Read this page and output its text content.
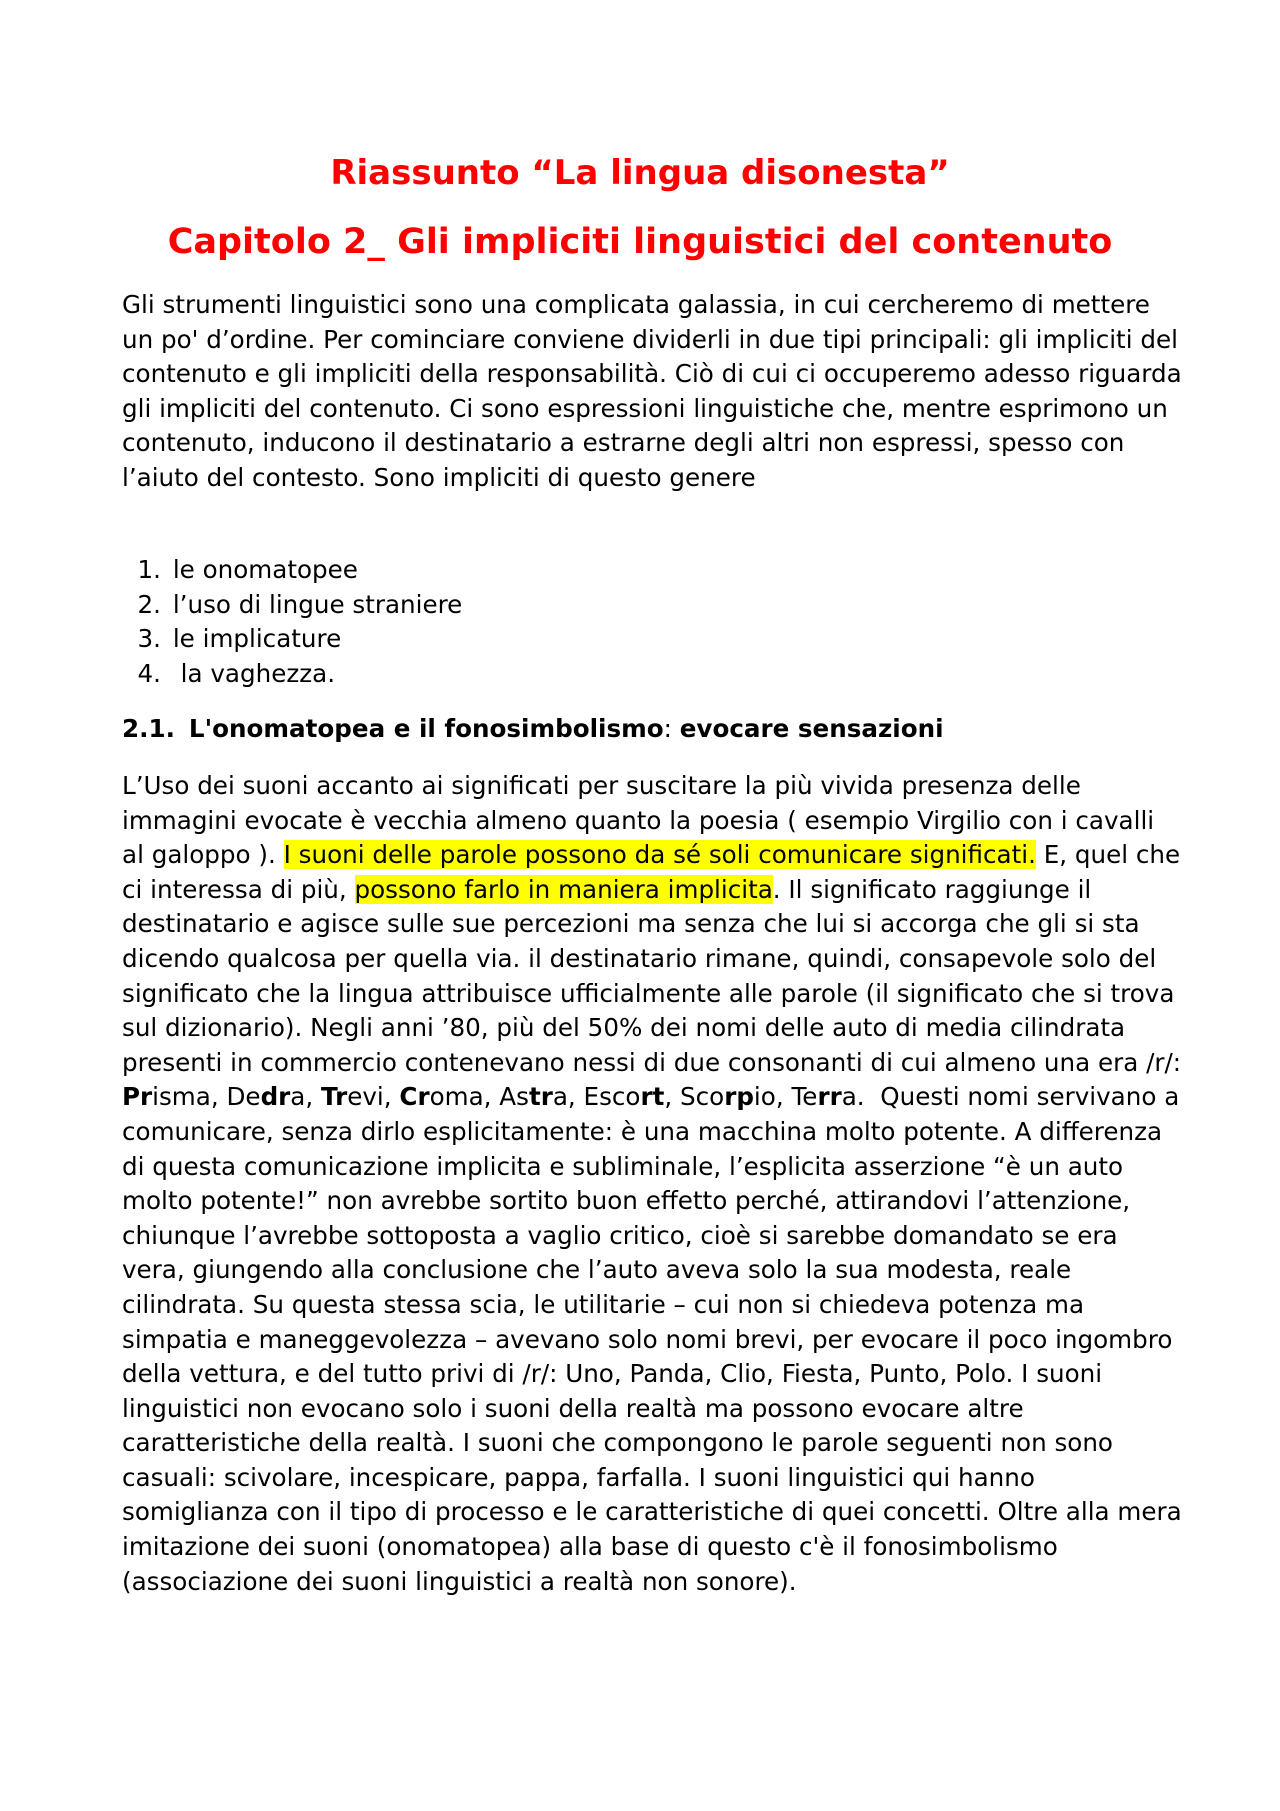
Riassunto “La lingua disonesta”
Capitolo 2_ Gli impliciti linguistici del contenuto

Gli strumenti linguistici sono una complicata galassia, in cui cercheremo di mettere un po' d’ordine. Per cominciare conviene dividerli in due tipi principali: gli impliciti del contenuto e gli impliciti della responsabilità. Ciò di cui ci occuperemo adesso riguarda gli impliciti del contenuto. Ci sono espressioni linguistiche che, mentre esprimono un contenuto, inducono il destinatario a estrarne degli altri non espressi, spesso con l’aiuto del contesto. Sono impliciti di questo genere

1. le onomatopee
2. l’uso di lingue straniere
3. le implicature
4.  la vaghezza.
2.1. L'onomatopea e il fonosimbolismo: evocare sensazioni

L’Uso dei suoni accanto ai significati per suscitare la più vivida presenza delle immagini evocate è vecchia almeno quanto la poesia ( esempio Virgilio con i cavalli al galoppo ). I suoni delle parole possono da sé soli comunicare significati. E, quel che ci interessa di più, possono farlo in maniera implicita. Il significato raggiunge il destinatario e agisce sulle sue percezioni ma senza che lui si accorga che gli si sta dicendo qualcosa per quella via. il destinatario rimane, quindi, consapevole solo del significato che la lingua attribuisce ufficialmente alle parole (il significato che si trova sul dizionario). Negli anni ’80, più del 50% dei nomi delle auto di media cilindrata presenti in commercio contenevano nessi di due consonanti di cui almeno una era /r/: Prisma, Dedra, Trevi, Croma, Astra, Escort, Scorpio, Terra.  Questi nomi servivano a comunicare, senza dirlo esplicitamente: è una macchina molto potente. A differenza di questa comunicazione implicita e subliminale, l’esplicita asserzione “è un auto molto potente!” non avrebbe sortito buon effetto perché, attirandovi l’attenzione, chiunque l’avrebbe sottoposta a vaglio critico, cioè si sarebbe domandato se era vera, giungendo alla conclusione che l’auto aveva solo la sua modesta, reale cilindrata. Su questa stessa scia, le utilitarie – cui non si chiedeva potenza ma simpatia e maneggevolezza – avevano solo nomi brevi, per evocare il poco ingombro della vettura, e del tutto privi di /r/: Uno, Panda, Clio, Fiesta, Punto, Polo. I suoni linguistici non evocano solo i suoni della realtà ma possono evocare altre caratteristiche della realtà. I suoni che compongono le parole seguenti non sono casuali: scivolare, incespicare, pappa, farfalla. I suoni linguistici qui hanno somiglianza con il tipo di processo e le caratteristiche di quei concetti. Oltre alla mera imitazione dei suoni (onomatopea) alla base di questo c'è il fonosimbolismo (associazione dei suoni linguistici a realtà non sonore).
